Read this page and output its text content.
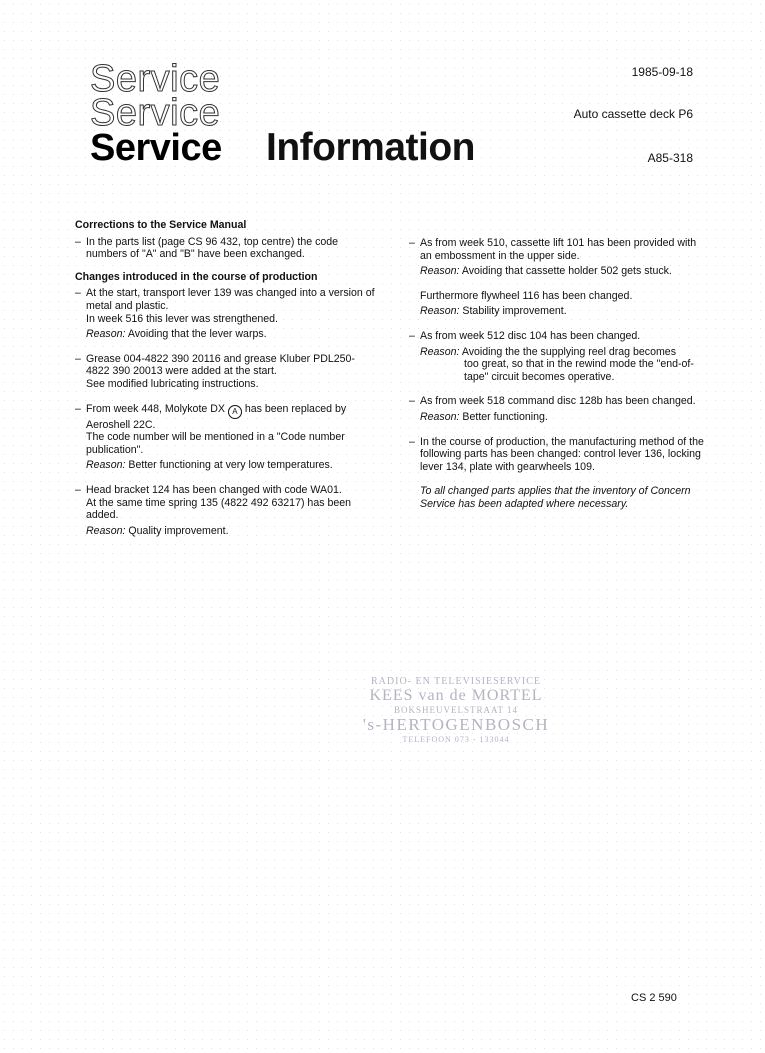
Service
Service
Service	Information
1985-09-18
Auto cassette deck P6
A85-318

Corrections to the Service Manual

– In the parts list (page CS 96 432, top centre) the code numbers of "A" and "B" have been exchanged.

Changes introduced in the course of production

– At the start, transport lever 139 was changed into a version of metal and plastic.

In week 516 this lever was strengthened.

Reason: Avoiding that the lever warps.

– Grease 004-4822 390 20116 and grease Kluber PDL250-4822 390 20013 were added at the start.

See modified lubricating instructions.

– From week 448, Molykote DX A has been replaced by Aeroshell 22C.

The code number will be mentioned in a "Code number publication".

Reason: Better functioning at very low temperatures.

– Head bracket 124 has been changed with code WA01.

At the same time spring 135 (4822 492 63217) has been added.

Reason: Quality improvement.

– As from week 510, cassette lift 101 has been provided with an embossment in the upper side.

Reason: Avoiding that cassette holder 502 gets stuck.

Furthermore flywheel 116 has been changed.

Reason: Stability improvement.

– As from week 512 disc 104 has been changed.

Reason: Avoiding the the supplying reel drag becomes

too great, so that in the rewind mode the "end-of-tape" circuit becomes operative.

– As from week 518 command disc 128b has been changed.

Reason: Better functioning.

– In the course of production, the manufacturing method of the following parts has been changed: control lever 136, locking lever 134, plate with gearwheels 109.

To all changed parts applies that the inventory of Concern Service has been adapted where necessary.

RADIO- EN TELEVISIESERVICE
KEES van de MORTEL
BOKSHEUVELSTRAAT 14
's-HERTOGENBOSCH
TELEFOON 073 - 133044
CS 2 590
